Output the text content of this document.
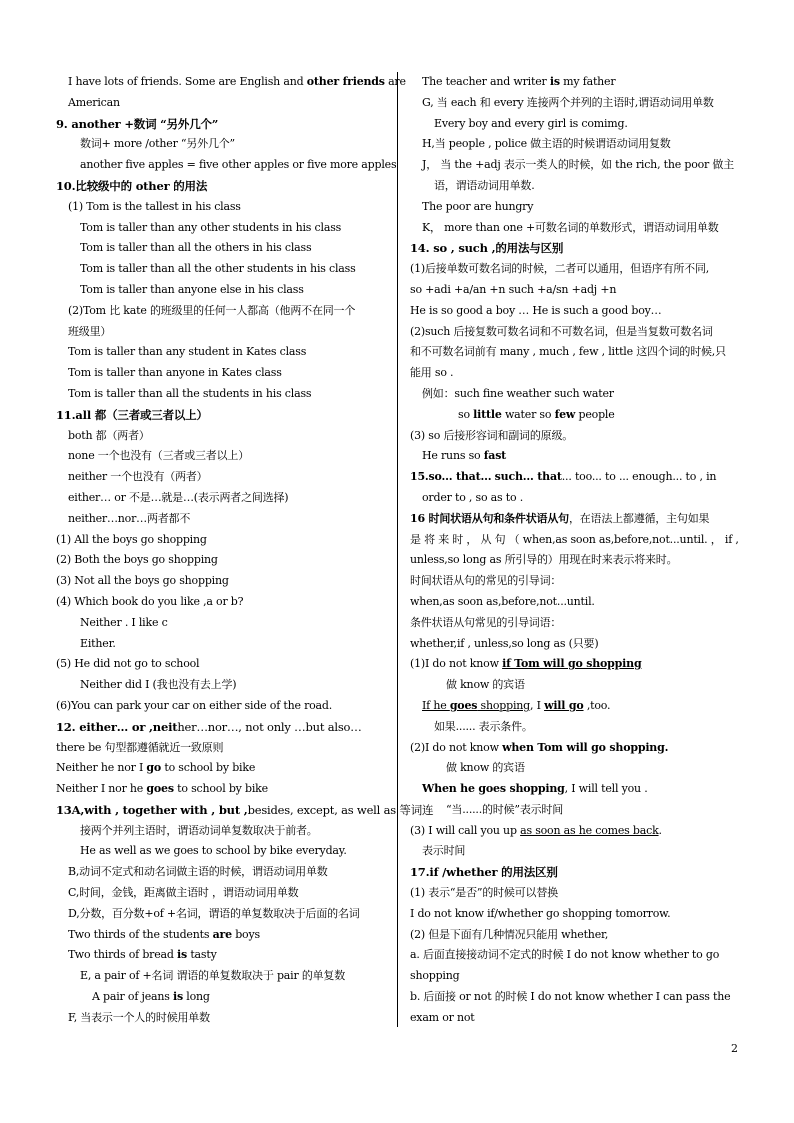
I have lots of friends. Some are English and other friends are
American
9. another +数词 “另外几个”
数词+ more /other “另外几个”
another five apples = five other apples or five more apples
10.比较级中的 other 的用法
(1) Tom is the tallest in his class
Tom is taller than any other students in his class
Tom is taller than all the others in his class
Tom is taller than all the other students in his class
Tom is taller than anyone else in his class
(2)Tom 比 kate 的班级里的任何一人都高（他两不在同一个
班级里）
Tom is taller than any student in Kates class
Tom is taller than anyone in Kates class
Tom is taller than all the students in his class
11.all 都（三者或三者以上）
both 都（两者）
none 一个也没有（三者或三者以上）
neither 一个也没有（两者）
either… or 不是…就是…(表示两者之间选择)
neither…nor…两者都不
(1) All the boys go shopping
(2) Both the boys go shopping
(3) Not all the boys go shopping
(4) Which book do you like ,a or b?
Neither . I like c
Either.
(5) He did not go to school
Neither did I (我也没有去上学)
(6)You can park your car on either side of the road.
12. either… or ,neither…nor…, not only …but also…
there be 句型都遵循就近一致原则
Neither he nor I go to school by bike
Neither I nor he goes to school by bike
13A,with , together with , but ,besides, except, as well as 等词连
接两个并列主语时，谓语动词单复数取决于前者。
He as well as we goes to school by bike everyday.
B,动词不定式和动名词做主语的时候，谓语动词用单数
C,时间，金钱，距离做主语时 ，谓语动词用单数
D,分数，百分数+of +名词，谓语的单复数取决于后面的名词
Two thirds of the students are boys
Two thirds of bread is tasty
E, a pair of +名词 谓语的单复数取决于 pair 的单复数
A pair of jeans is long
F, 当表示一个人的时候用单数
The teacher and writer is my father
G, 当 each 和 every 连接两个并列的主语时,谓语动词用单数
Every boy and every girl is comimg.
H,当 people , police 做主语的时候谓语动词用复数
J， 当 the +adj 表示一类人的时候，如 the rich, the poor 做主
语，谓语动词用单数.
The poor are hungry
K， more than one +可数名词的单数形式，谓语动词用单数
14. so , such ,的用法与区别
(1)后接单数可数名词的时候，二者可以通用，但语序有所不同,
so +adi +a/an +n such +a/sn +adj +n
He is so good a boy … He is such a good boy…
(2)such 后接复数可数名词和不可数名词，但是当复数可数名词
和不可数名词前有 many , much , few , little 这四个词的时候,只
能用 so .
例如：such fine weather such water
so little water so few people
(3) so 后接形容词和副词的原级。
He runs so fast
15.so... that... such... that... too... to ... enough... to , in
order to , so as to .
16 时间状语从句和条件状语从句，在语法上都遵循，主句如果
是 将 来 时 ， 从 句 （ when,as soon as,before,not...until. ， if ,
unless,so long as 所引导的）用现在时来表示将来时。
时间状语从句的常见的引导词：
when,as soon as,before,not...until.
条件状语从句常见的引导词语：
whether,if , unless,so long as (只要)
(1)I do not know if Tom will go shopping
做 know 的宾语
If he goes shopping, I will go ,too.
如果...... 表示条件。
(2)I do not know when Tom will go shopping.
做 know 的宾语
When he goes shopping, I will tell you .
“当......的时候”表示时间
(3) I will call you up as soon as he comes back.
表示时间
17.if /whether 的用法区别
(1) 表示“是否”的时候可以替换
I do not know if/whether go shopping tomorrow.
(2) 但是下面有几种情况只能用 whether,
a. 后面直接接动词不定式的时候 I do not know whether to go
shopping
b. 后面接 or not 的时候 I do not know whether I can pass the
exam or not
2
